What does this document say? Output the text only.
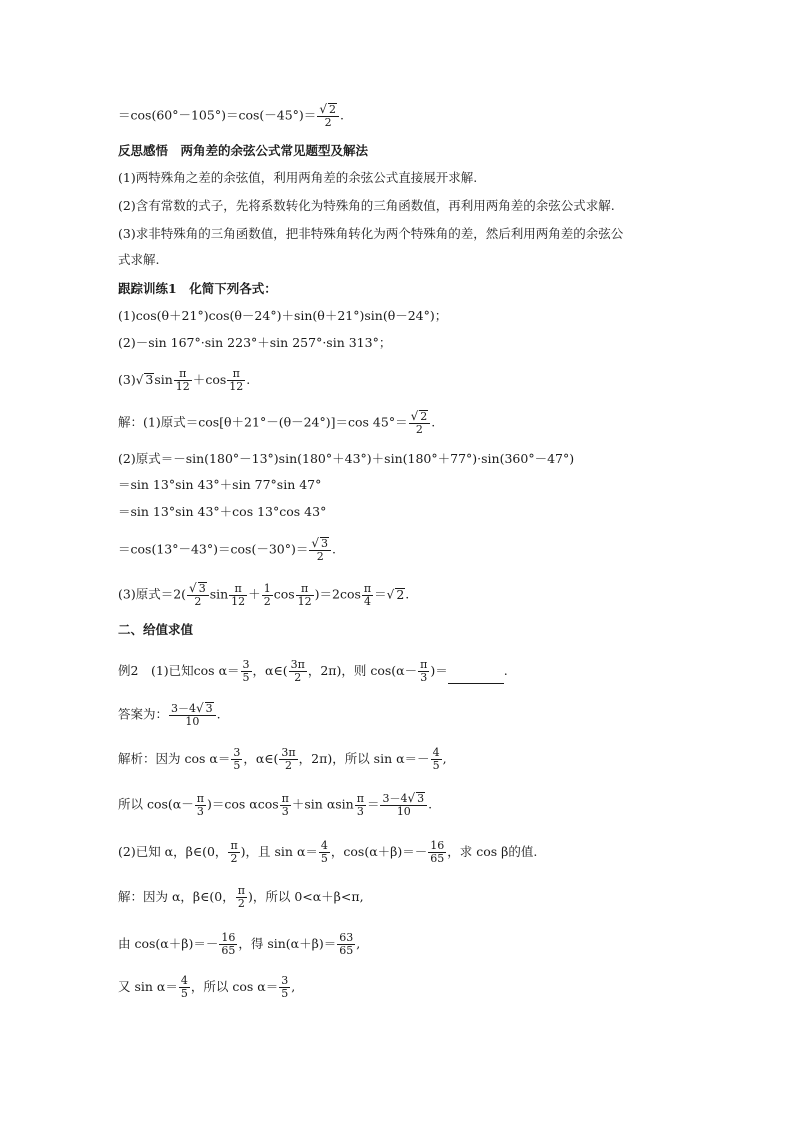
$=\cos(60^\circ-105^\circ)=\cos(-45^\circ)= \frac{√ 2}{2}$ .
反思感悟　两角差的余弦公式常见题型及解法
(1)两特殊角之差的余弦值，利用两角差的余弦公式直接展开求解.
(2)含有常数的式子，先将系数转化为特殊角的三角函数值，再利用两角差的余弦公式求解.
(3)求非特殊角的三角函数值，把非特殊角转化为两个特殊角的差，然后利用两角差的余弦公
式求解.
跟踪训练1　化简下列各式：
(1)cos(θ＋21°)cos(θ－24°)＋sin(θ＋21°)sin(θ－24°)；
(2)－sin 167°·sin 223°＋sin 257°·sin 313°；
(3)√ $3\sin \frac{\pi}{12} +\cos \frac{\pi}{12}$ .
解：(1)原式＝cos[θ＋21°－(θ－24°)]＝cos $45^\circ= \frac{√ 2}{2}$ .
(2)原式＝－sin(180°－13°)sin(180°＋43°)＋sin(180°＋77°)·sin(360°－47°)
＝sin 13°sin 43°＋sin 77°sin 47°
＝sin 13°sin 43°＋cos 13°cos 43°
$=\cos(13^\circ-43^\circ)=\cos(-30^\circ)= \frac{√ 3}{2}$ .
(3)原式$=2( \frac{√ 3}{2}$ $\sin \frac{\pi}{12} + \frac{1}{2}$ $\cos \frac{\pi}{12} )=2\cos \frac{\pi}{4}$ ＝√ 2.
二、给值求值
例2　(1)已知$\cos \alpha= \frac{3}{5}$ ，α∈( $\frac{3\pi}{2}$ ，2π)，则 $\cos(\alpha- \frac{\pi}{3}$ )＝	.
答案为： $\frac{3-4√ 3}{10}$ .
解析：因为 $\cos \alpha= \frac{3}{5}$ ，α∈( $\frac{3\pi}{2}$ ，2π)，所以 $\sin \alpha=- \frac{4}{5}$ ,
所以 $\cos(\alpha- \frac{\pi}{3} )=\cos$ αcos $\frac{\pi}{3} +\sin$ αsin $\frac{\pi}{3} = \frac{3-4√ 3}{10}$ .
(2)已知 α，β∈(0， $\frac{\pi}{2}$ )，且 $\sin \alpha= \frac{4}{5}$ ，$\cos(\alpha+\beta)=- \frac{16}{65}$ ，求 cos β的值.
解：因为 α，β∈(0， $\frac{\pi}{2}$ )，所以 0<α＋β<π,
由 $\cos(\alpha+\beta)=- \frac{16}{65}$ ，得 $\sin(\alpha+\beta)= \frac{63}{65}$ ,
又 $\sin \alpha= \frac{4}{5}$ ，所以 $\cos \alpha= \frac{3}{5}$ ,
